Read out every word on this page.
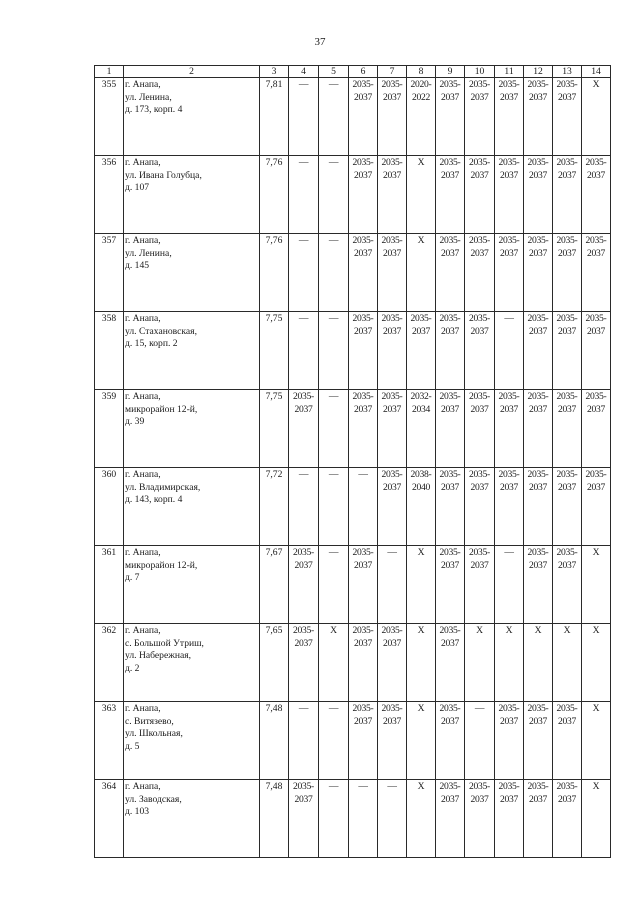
37
1	2	3	4	5	6	7	8	9	10	11	12	13	14
355	г. Анапа,
ул. Ленина,
д. 173, корп. 4	7,81	—	—	2035-
2037	2035-
2037	2020-
2022	2035-
2037	2035-
2037	2035-
2037	2035-
2037	2035-
2037	Х

356	г. Анапа,
ул. Ивана Голубца,
д. 107	7,76	—	—	2035-
2037	2035-
2037	Х	2035-
2037	2035-
2037	2035-
2037	2035-
2037	2035-
2037	2035-
2037

357	г. Анапа,
ул. Ленина,
д. 145	7,76	—	—	2035-
2037	2035-
2037	Х	2035-
2037	2035-
2037	2035-
2037	2035-
2037	2035-
2037	2035-
2037

358	г. Анапа,
ул. Стахановская,
д. 15, корп. 2	7,75	—	—	2035-
2037	2035-
2037	2035-
2037	2035-
2037	2035-
2037	—	2035-
2037	2035-
2037	2035-
2037

359	г. Анапа,
микрорайон 12-й,
д. 39	7,75	2035-
2037	—	2035-
2037	2035-
2037	2032-
2034	2035-
2037	2035-
2037	2035-
2037	2035-
2037	2035-
2037	2035-
2037

360	г. Анапа,
ул. Владимирская,
д. 143, корп. 4	7,72	—	—	—	2035-
2037	2038-
2040	2035-
2037	2035-
2037	2035-
2037	2035-
2037	2035-
2037	2035-
2037

361	г. Анапа,
микрорайон 12-й,
д. 7	7,67	2035-
2037	—	2035-
2037	—	Х	2035-
2037	2035-
2037	—	2035-
2037	2035-
2037	Х

362	г. Анапа,
с. Большой Утриш,
ул. Набережная,
д. 2	7,65	2035-
2037	Х	2035-
2037	2035-
2037	Х	2035-
2037	Х	Х	Х	Х	Х

363	г. Анапа,
с. Витязево,
ул. Школьная,
д. 5	7,48	—	—	2035-
2037	2035-
2037	Х	2035-
2037	—	2035-
2037	2035-
2037	2035-
2037	Х

364	г. Анапа,
ул. Заводская,
д. 103	7,48	2035-
2037	—	—	—	Х	2035-
2037	2035-
2037	2035-
2037	2035-
2037	2035-
2037	Х
